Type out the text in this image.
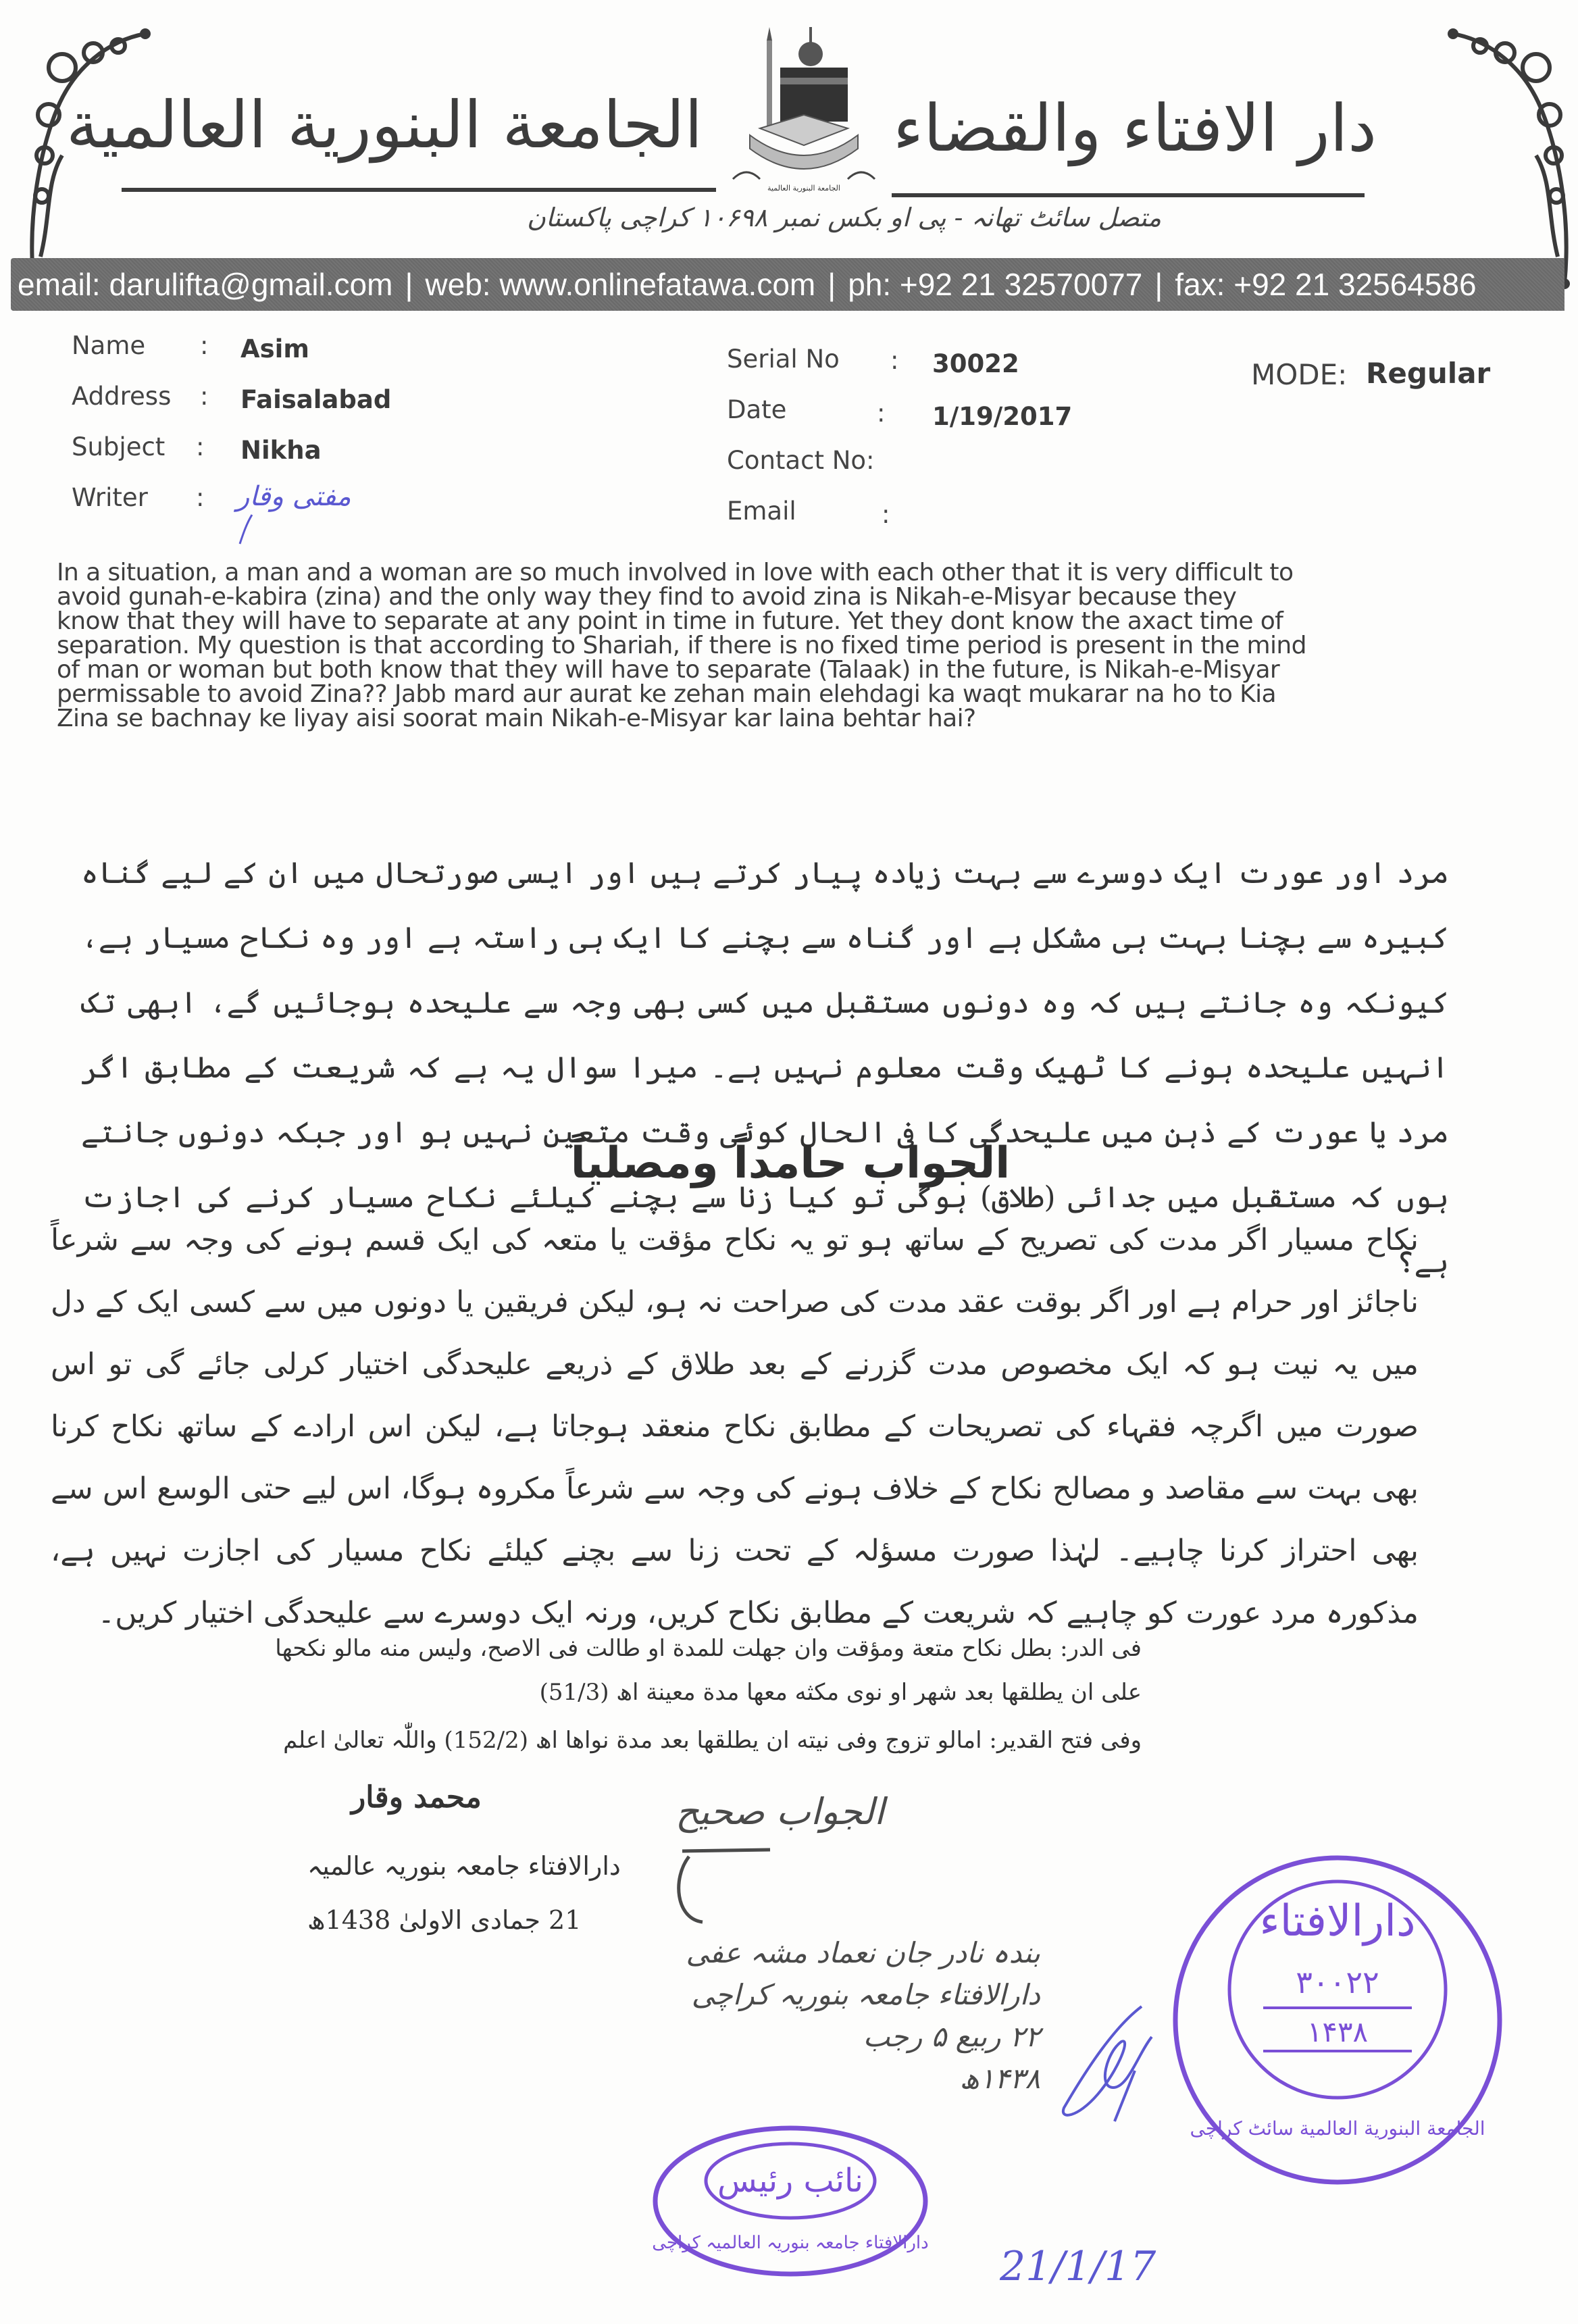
الجامعة البنورية العالمية	دار الافتاء والقضاء
الجامعة البنورية العالمية
متصل سائٹ تھانہ - پی او بکس نمبر ۱۰۶۹۸ کراچی پاکستان
email: darulifta@gmail.com | web: www.onlinefatawa.com | ph: +92 21 32570077 | fax: +92 21 32564586
Name : Asim
Address : Faisalabad
Subject : Nikha
Writer : مفتی وقار
Serial No : 30022
Date	: 1/19/2017
Contact No:
Email	:
MODE: Regular
In a situation, a man and a woman are so much involved in love with each other that it is very difficult to
avoid gunah-e-kabira (zina) and the only way they find to avoid zina is Nikah-e-Misyar because they
know that they will have to separate at any point in time in future. Yet they dont know the axact time of
separation. My question is that according to Shariah, if there is no fixed time period is present in the mind
of man or woman but both know that they will have to separate (Talaak) in the future, is Nikah-e-Misyar
permissable to avoid Zina?? Jabb mard aur aurat ke zehan main elehdagi ka waqt mukarar na ho to Kia
Zina se bachnay ke liyay aisi soorat main Nikah-e-Misyar kar laina behtar hai?
مرد اور عورت ایک دوسرے سے بہت زیادہ پیار کرتے ہیں اور ایسی صورتحال میں ان کے لیے گناہ کبیرہ سے بچنا بہت ہی مشکل ہے اور گناہ سے بچنے کا ایک ہی راستہ ہے اور وہ نکاح مسیار ہے، کیونکہ وہ جانتے ہیں کہ وہ دونوں مستقبل میں کسی بھی وجہ سے علیحدہ ہوجائیں گے، ابھی تک انہیں علیحدہ ہونے کا ٹھیک وقت معلوم نہیں ہے۔ میرا سوال یہ ہے کہ شریعت کے مطابق اگر مرد یا عورت کے ذہن میں علیحدگی کا فی الحال کوئی وقت متعین نہیں ہو اور جبکہ دونوں جانتے ہوں کہ مستقبل میں جدائی (طلاق) ہوگی تو کیا زنا سے بچنے کیلئے نکاح مسیار کرنے کی اجازت ہے؟
الجواب حامداً ومصلیاً
نکاح مسیار اگر مدت کی تصریح کے ساتھ ہو تو یہ نکاح مؤقت یا متعہ کی ایک قسم ہونے کی وجہ سے شرعاً ناجائز اور حرام ہے اور اگر بوقت عقد مدت کی صراحت نہ ہو، لیکن فریقین یا دونوں میں سے کسی ایک کے دل میں یہ نیت ہو کہ ایک مخصوص مدت گزرنے کے بعد طلاق کے ذریعے علیحدگی اختیار کرلی جائے گی تو اس صورت میں اگرچہ فقہاء کی تصریحات کے مطابق نکاح منعقد ہوجاتا ہے، لیکن اس ارادے کے ساتھ نکاح کرنا بھی بہت سے مقاصد و مصالح نکاح کے خلاف ہونے کی وجہ سے شرعاً مکروہ ہوگا، اس لیے حتی الوسع اس سے بھی احتراز کرنا چاہیے۔ لہٰذا صورت مسؤلہ کے تحت زنا سے بچنے کیلئے نکاح مسیار کی اجازت نہیں ہے، مذکورہ مرد عورت کو چاہیے کہ شریعت کے مطابق نکاح کریں، ورنہ ایک دوسرے سے علیحدگی اختیار کریں۔
فی الدر: بطل نکاح متعة ومؤقت وان جهلت للمدة او طالت فی الاصح، ولیس منه مالو نکحها
علی ان یطلقها بعد شهر او نوی مکثه معها مدة معینة اھ (51/3)
وفی فتح القدیر: امالو تزوج وفی نیته ان یطلقها بعد مدة نواها اھ (152/2) واللّٰہ تعالیٰ اعلم
محمد وقار
دارالافتاء جامعہ بنوریہ عالمیہ
21 جمادی الاولیٰ 1438ھ
الجواب صحیح
بندہ نادر جان نعماد مشہ عفی
دارالافتاء جامعہ بنوریہ کراچی
۲۲ ربیع ۵ رجب
۱۴۳۸ھ
21/1/17
دارالافتاء
۳۰۰۲۲
۱۴۳۸
الجامعة البنورية العالمية سائٹ کراچی
نائب رئیس
دارالافتاء جامعہ بنوریہ العالمیہ کراچی
